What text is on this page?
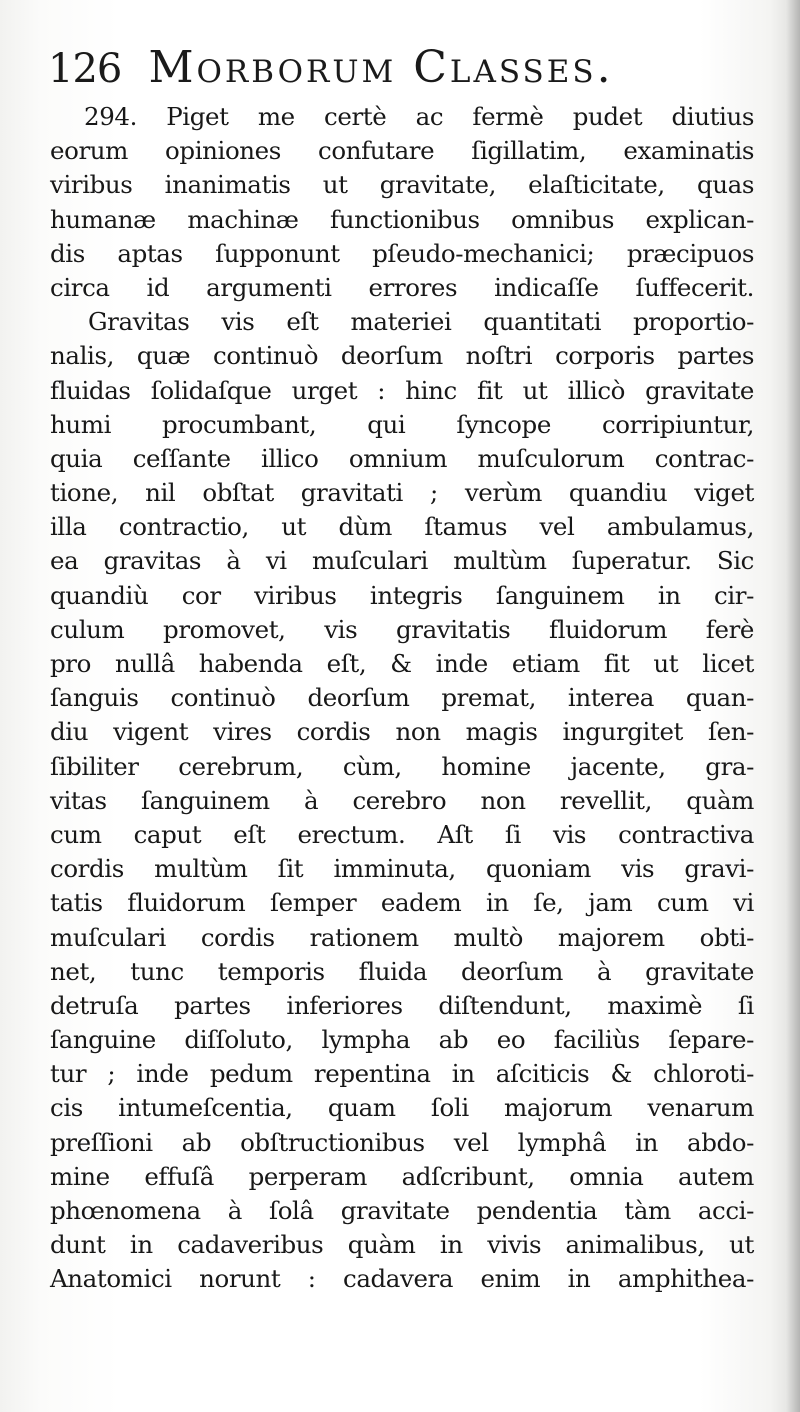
126 Morborum Classes.
294. Piget me certè ac fermè pudet diutius
eorum opiniones confutare ſigillatim, examinatis
viribus inanimatis ut gravitate, elaſticitate, quas
humanæ machinæ functionibus omnibus explican-
dis aptas ſupponunt pſeudo-mechanici; præcipuos
circa id argumenti errores indicaſſe ſuffecerit.
Gravitas vis eſt materiei quantitati proportio-
nalis, quæ continuò deorſum noſtri corporis partes
fluidas ſolidaſque urget : hinc fit ut illicò gravitate
humi procumbant, qui ſyncope corripiuntur,
quia ceſſante illico omnium muſculorum contrac-
tione, nil obſtat gravitati ; verùm quandiu viget
illa contractio, ut dùm ſtamus vel ambulamus,
ea gravitas à vi muſculari multùm ſuperatur. Sic
quandiù cor viribus integris ſanguinem in cir-
culum promovet, vis gravitatis fluidorum ferè
pro nullâ habenda eſt, & inde etiam fit ut licet
ſanguis continuò deorſum premat, interea quan-
diu vigent vires cordis non magis ingurgitet ſen-
ſibiliter cerebrum, cùm, homine jacente, gra-
vitas ſanguinem à cerebro non revellit, quàm
cum caput eſt erectum. Aſt ſi vis contractiva
cordis multùm ſit imminuta, quoniam vis gravi-
tatis fluidorum ſemper eadem in ſe, jam cum vi
muſculari cordis rationem multò majorem obti-
net, tunc temporis fluida deorſum à gravitate
detruſa partes inferiores diſtendunt, maximè ſi
ſanguine diſſoluto, lympha ab eo faciliùs ſepare-
tur ; inde pedum repentina in aſciticis & chloroti-
cis intumeſcentia, quam ſoli majorum venarum
preſſioni ab obſtructionibus vel lymphâ in abdo-
mine effuſâ perperam adſcribunt, omnia autem
phœnomena à ſolâ gravitate pendentia tàm acci-
dunt in cadaveribus quàm in vivis animalibus, ut
Anatomici norunt : cadavera enim in amphithea-
